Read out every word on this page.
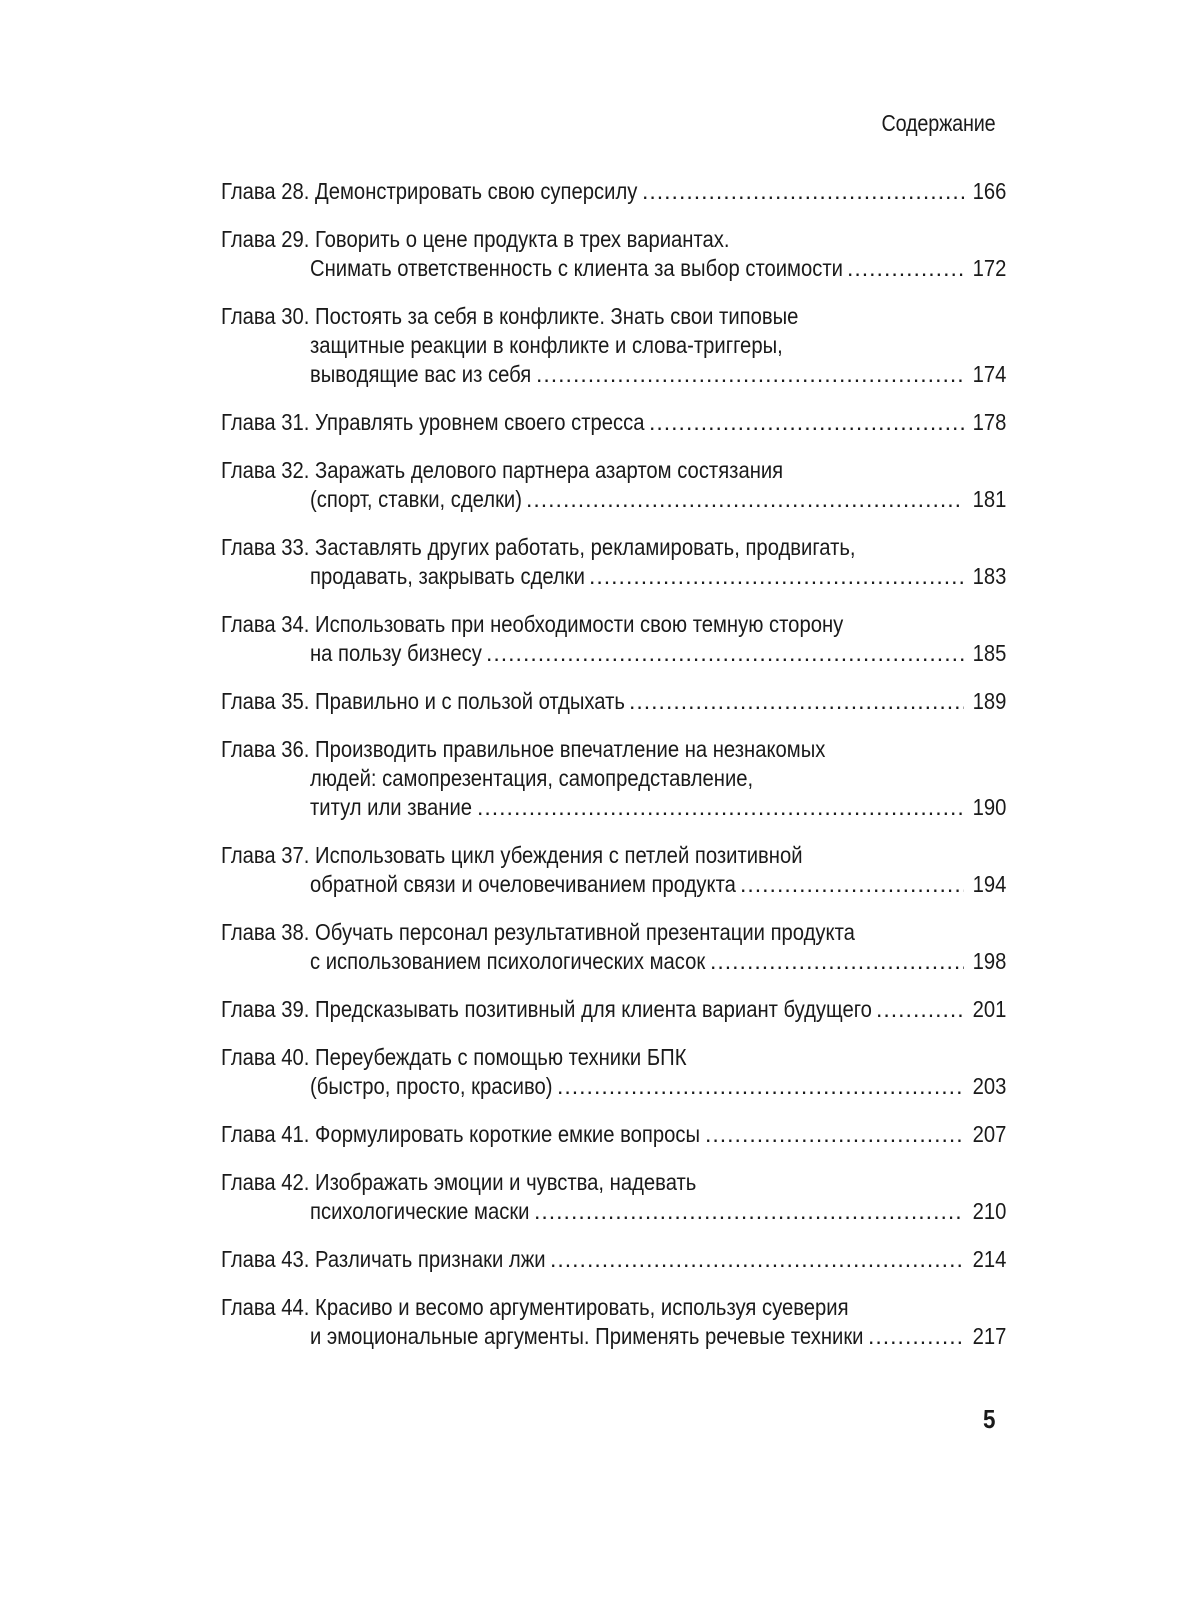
Содержание
Глава 28. Демонстрировать свою суперсилу .....	166
Глава 29. Говорить о цене продукта в трех вариантах.
Снимать ответственность с клиента за выбор стоимости .....	172
Глава 30. Постоять за себя в конфликте. Знать свои типовые
защитные реакции в конфликте и слова-триггеры,
выводящие вас из себя .....	174
Глава 31. Управлять уровнем своего стресса .....	178
Глава 32. Заражать делового партнера азартом состязания
(спорт, ставки, сделки) .....	181
Глава 33. Заставлять других работать, рекламировать, продвигать,
продавать, закрывать сделки .....	183
Глава 34. Использовать при необходимости свою темную сторону
на пользу бизнесу .....	185
Глава 35. Правильно и с пользой отдыхать .....	189
Глава 36. Производить правильное впечатление на незнакомых
людей: самопрезентация, самопредставление,
титул или звание .....	190
Глава 37. Использовать цикл убеждения с петлей позитивной
обратной связи и очеловечиванием продукта .....	194
Глава 38. Обучать персонал результативной презентации продукта
с использованием психологических масок .....	198
Глава 39. Предсказывать позитивный для клиента вариант будущего .....	201
Глава 40. Переубеждать с помощью техники БПК
(быстро, просто, красиво) .....	203
Глава 41. Формулировать короткие емкие вопросы .....	207
Глава 42. Изображать эмоции и чувства, надевать
психологические маски .....	210
Глава 43. Различать признаки лжи .....	214
Глава 44. Красиво и весомо аргументировать, используя суеверия
и эмоциональные аргументы. Применять речевые техники .....	217
5
